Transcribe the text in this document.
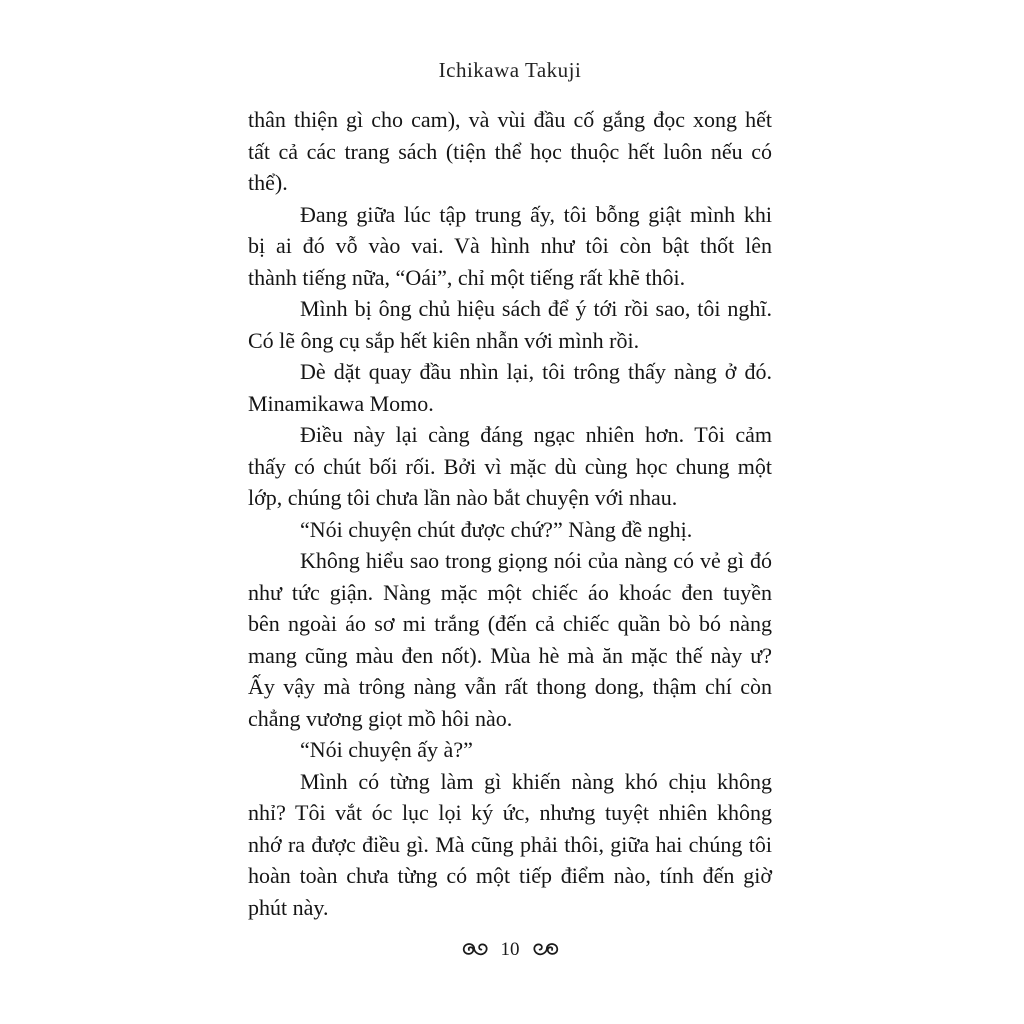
Ichikawa Takuji
thân thiện gì cho cam), và vùi đầu cố gắng đọc xong hết
tất cả các trang sách (tiện thể học thuộc hết luôn nếu có
thể).
Đang giữa lúc tập trung ấy, tôi bỗng giật mình khi
bị ai đó vỗ vào vai. Và hình như tôi còn bật thốt lên
thành tiếng nữa, “Oái”, chỉ một tiếng rất khẽ thôi.
Mình bị ông chủ hiệu sách để ý tới rồi sao, tôi nghĩ.
Có lẽ ông cụ sắp hết kiên nhẫn với mình rồi.
Dè dặt quay đầu nhìn lại, tôi trông thấy nàng ở đó.
Minamikawa Momo.
Điều này lại càng đáng ngạc nhiên hơn. Tôi cảm
thấy có chút bối rối. Bởi vì mặc dù cùng học chung một
lớp, chúng tôi chưa lần nào bắt chuyện với nhau.
“Nói chuyện chút được chứ?” Nàng đề nghị.
Không hiểu sao trong giọng nói của nàng có vẻ gì đó
như tức giận. Nàng mặc một chiếc áo khoác đen tuyền
bên ngoài áo sơ mi trắng (đến cả chiếc quần bò bó nàng
mang cũng màu đen nốt). Mùa hè mà ăn mặc thế này ư?
Ấy vậy mà trông nàng vẫn rất thong dong, thậm chí còn
chẳng vương giọt mồ hôi nào.
“Nói chuyện ấy à?”
Mình có từng làm gì khiến nàng khó chịu không
nhỉ? Tôi vắt óc lục lọi ký ức, nhưng tuyệt nhiên không
nhớ ra được điều gì. Mà cũng phải thôi, giữa hai chúng tôi
hoàn toàn chưa từng có một tiếp điểm nào, tính đến giờ
phút này.
10
